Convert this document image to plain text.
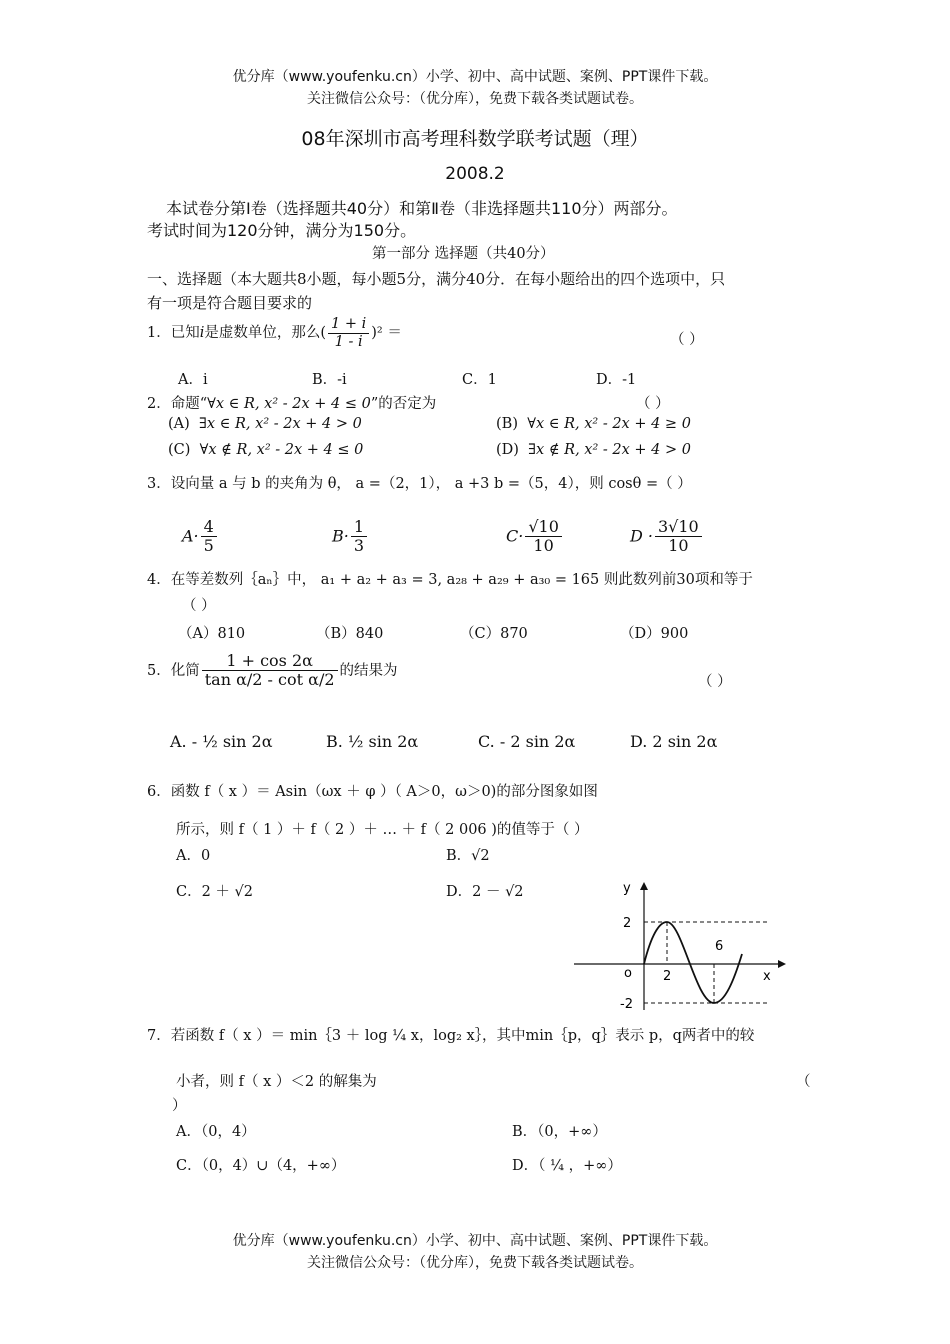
优分库（www.youfenku.cn）小学、初中、高中试题、案例、PPT课件下载。
关注微信公众号：（优分库），免费下载各类试题试卷。
08年深圳市高考理科数学联考试题（理）
2008.2
本试卷分第Ⅰ卷（选择题共40分）和第Ⅱ卷（非选择题共110分）两部分。
考试时间为120分钟，满分为150分。
第一部分 选择题（共40分）
一、选择题（本大题共8小题，每小题5分，满分40分．在每小题给出的四个选项中，只
有一项是符合题目要求的
1．已知i是虚数单位，那么( $\frac{1 + i}{1 - i} )^2$ ＝	（ ）
A．i	B．-i	C．1	D．-1
2．命题“∀x ∈ R, x² - 2x + 4 ≤ 0”的否定为	（ ）
(A) ∃x ∈ R, x² - 2x + 4 > 0	(B) ∀x ∈ R, x² - 2x + 4 ≥ 0
(C) ∀x ∉ R, x² - 2x + 4 ≤ 0	(D) ∃x ∉ R, x² - 2x + 4 > 0
3．设向量 a 与 b 的夹角为 θ， a =（2，1）， a +3 b =（5，4），则 cosθ =（ ）
$A\cdot \frac{4}{5}$	$B\cdot \frac{1}{3}$	$C\cdot \frac{√10}{10}$	$D \cdot \frac{3√10}{10}$
4．在等差数列｛aₙ｝中， a₁ + a₂ + a₃ = 3, a₂₈ + a₂₉ + a₃₀ = 165 则此数列前30项和等于
（ ）
（A）810	（B）840	（C）870	（D）900
5．化简 $\frac{1 + \cos 2\alpha}{\text{tan α/2 - cot α/2}}$ 的结果为
（ ）
A. - ½ sin 2α	B. ½ sin 2α	C. - 2 sin 2α	D. 2 sin 2α
6．函数 f（ x ）＝ Asin（ωx ＋ φ ）（ A＞0，ω＞0)的部分图象如图
所示，则 f（ 1 ）＋ f（ 2 ）＋ … ＋ f（ 2 006 )的值等于（ ）
A．0	B．√2
C．2 ＋ √2	D．2 － √2	y
x
o
2
-2
2
6
7．若函数 f（ x ）＝ min｛3 ＋ log ¼ x，log₂ x｝，其中min｛p，q｝表示 p，q两者中的较
小者，则 f（ x ）＜2 的解集为	（
）
A．（0，4）	B．（0，+∞）
C．（0，4）∪（4，+∞）	D．（ ¼ ，+∞）
优分库（www.youfenku.cn）小学、初中、高中试题、案例、PPT课件下载。
关注微信公众号：（优分库），免费下载各类试题试卷。
